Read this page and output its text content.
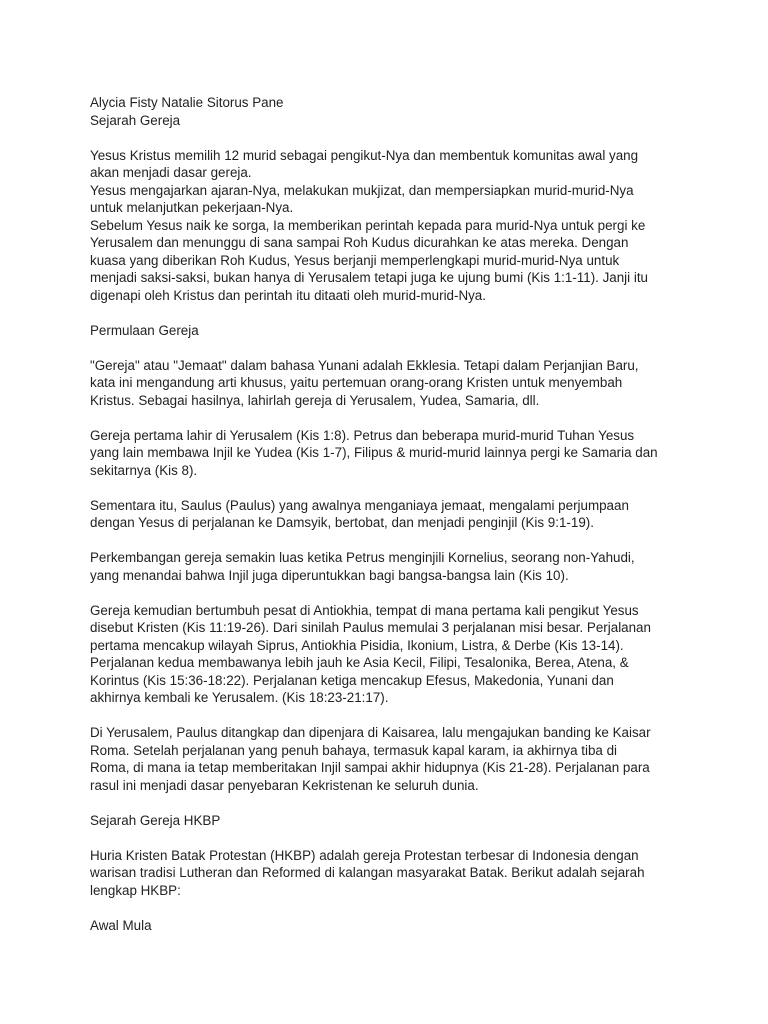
Alycia Fisty Natalie Sitorus Pane
Sejarah Gereja
Yesus Kristus memilih 12 murid sebagai pengikut-Nya dan membentuk komunitas awal yang
akan menjadi dasar gereja.
Yesus mengajarkan ajaran-Nya, melakukan mukjizat, dan mempersiapkan murid-murid-Nya
untuk melanjutkan pekerjaan-Nya.
Sebelum Yesus naik ke sorga, Ia memberikan perintah kepada para murid-Nya untuk pergi ke
Yerusalem dan menunggu di sana sampai Roh Kudus dicurahkan ke atas mereka. Dengan
kuasa yang diberikan Roh Kudus, Yesus berjanji memperlengkapi murid-murid-Nya untuk
menjadi saksi-saksi, bukan hanya di Yerusalem tetapi juga ke ujung bumi (Kis 1:1-11). Janji itu
digenapi oleh Kristus dan perintah itu ditaati oleh murid-murid-Nya.
Permulaan Gereja
"Gereja" atau "Jemaat" dalam bahasa Yunani adalah Ekklesia. Tetapi dalam Perjanjian Baru,
kata ini mengandung arti khusus, yaitu pertemuan orang-orang Kristen untuk menyembah
Kristus. Sebagai hasilnya, lahirlah gereja di Yerusalem, Yudea, Samaria, dll.
Gereja pertama lahir di Yerusalem (Kis 1:8). Petrus dan beberapa murid-murid Tuhan Yesus
yang lain membawa Injil ke Yudea (Kis 1-7), Filipus & murid-murid lainnya pergi ke Samaria dan
sekitarnya (Kis 8).
Sementara itu, Saulus (Paulus) yang awalnya menganiaya jemaat, mengalami perjumpaan
dengan Yesus di perjalanan ke Damsyik, bertobat, dan menjadi penginjil (Kis 9:1-19).
Perkembangan gereja semakin luas ketika Petrus menginjili Kornelius, seorang non-Yahudi,
yang menandai bahwa Injil juga diperuntukkan bagi bangsa-bangsa lain (Kis 10).
Gereja kemudian bertumbuh pesat di Antiokhia, tempat di mana pertama kali pengikut Yesus
disebut Kristen (Kis 11:19-26). Dari sinilah Paulus memulai 3 perjalanan misi besar. Perjalanan
pertama mencakup wilayah Siprus, Antiokhia Pisidia, Ikonium, Listra, & Derbe (Kis 13-14).
Perjalanan kedua membawanya lebih jauh ke Asia Kecil, Filipi, Tesalonika, Berea, Atena, &
Korintus (Kis 15:36-18:22). Perjalanan ketiga mencakup Efesus, Makedonia, Yunani dan
akhirnya kembali ke Yerusalem. (Kis 18:23-21:17).
Di Yerusalem, Paulus ditangkap dan dipenjara di Kaisarea, lalu mengajukan banding ke Kaisar
Roma. Setelah perjalanan yang penuh bahaya, termasuk kapal karam, ia akhirnya tiba di
Roma, di mana ia tetap memberitakan Injil sampai akhir hidupnya (Kis 21-28). Perjalanan para
rasul ini menjadi dasar penyebaran Kekristenan ke seluruh dunia.
Sejarah Gereja HKBP
Huria Kristen Batak Protestan (HKBP) adalah gereja Protestan terbesar di Indonesia dengan
warisan tradisi Lutheran dan Reformed di kalangan masyarakat Batak. Berikut adalah sejarah
lengkap HKBP:
Awal Mula
